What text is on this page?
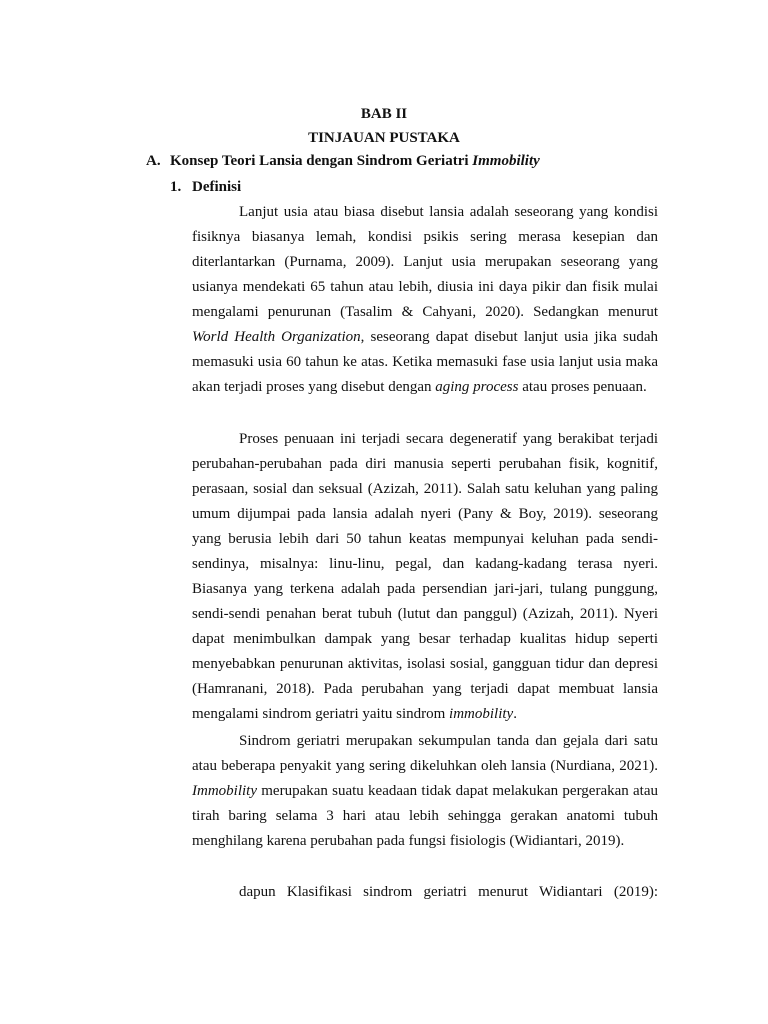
BAB II
TINJAUAN PUSTAKA
A. Konsep Teori Lansia dengan Sindrom Geriatri Immobility
1. Definisi

Lanjut usia atau biasa disebut lansia adalah seseorang yang kondisi fisiknya biasanya lemah, kondisi psikis sering merasa kesepian dan diterlantarkan (Purnama, 2009). Lanjut usia merupakan seseorang yang usianya mendekati 65 tahun atau lebih, diusia ini daya pikir dan fisik mulai mengalami penurunan (Tasalim & Cahyani, 2020). Sedangkan menurut World Health Organization, seseorang dapat disebut lanjut usia jika sudah memasuki usia 60 tahun ke atas. Ketika memasuki fase usia lanjut usia maka akan terjadi proses yang disebut dengan aging process atau proses penuaan.

Proses penuaan ini terjadi secara degeneratif yang berakibat terjadi perubahan-perubahan pada diri manusia seperti perubahan fisik, kognitif, perasaan, sosial dan seksual (Azizah, 2011). Salah satu keluhan yang paling umum dijumpai pada lansia adalah nyeri (Pany & Boy, 2019). seseorang yang berusia lebih dari 50 tahun keatas mempunyai keluhan pada sendi-sendinya, misalnya: linu-linu, pegal, dan kadang-kadang terasa nyeri. Biasanya yang terkena adalah pada persendian jari-jari, tulang punggung, sendi-sendi penahan berat tubuh (lutut dan panggul) (Azizah, 2011). Nyeri dapat menimbulkan dampak yang besar terhadap kualitas hidup seperti menyebabkan penurunan aktivitas, isolasi sosial, gangguan tidur dan depresi (Hamranani, 2018). Pada perubahan yang terjadi dapat membuat lansia mengalami sindrom geriatri yaitu sindrom immobility.

Sindrom geriatri merupakan sekumpulan tanda dan gejala dari satu atau beberapa penyakit yang sering dikeluhkan oleh lansia (Nurdiana, 2021). Immobility merupakan suatu keadaan tidak dapat melakukan pergerakan atau tirah baring selama 3 hari atau lebih sehingga gerakan anatomi tubuh menghilang karena perubahan pada fungsi fisiologis (Widiantari, 2019).

dapun Klasifikasi sindrom geriatri menurut Widiantari (2019):
